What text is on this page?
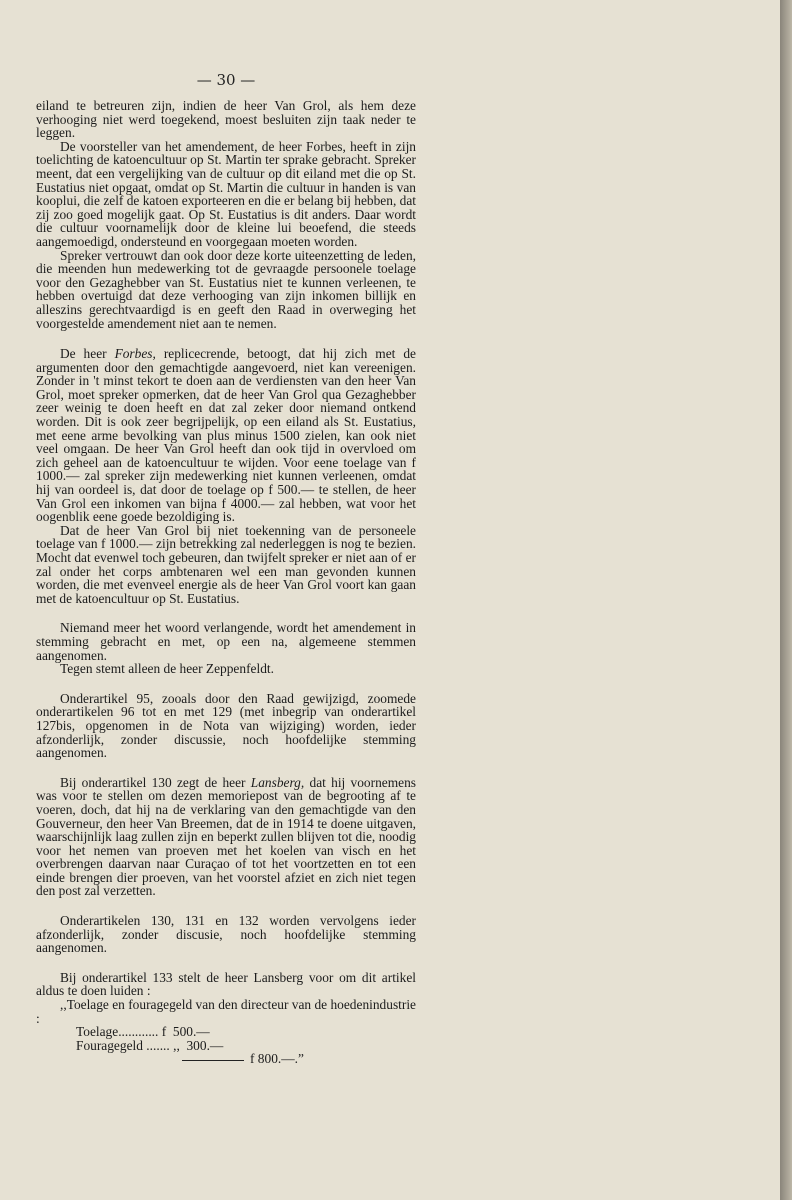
— 30 —

eiland te betreuren zijn, indien de heer Van Grol, als hem deze verhooging niet werd toegekend, moest besluiten zijn taak neder te leggen.

De voorsteller van het amendement, de heer Forbes, heeft in zijn toelichting de katoencultuur op St. Martin ter sprake gebracht. Spreker meent, dat een vergelijking van de cultuur op dit eiland met die op St. Eustatius niet opgaat, omdat op St. Martin die cultuur in handen is van kooplui, die zelf de katoen exporteeren en die er belang bij hebben, dat zij zoo goed mogelijk gaat. Op St. Eustatius is dit anders. Daar wordt die cultuur voornamelijk door de kleine lui beoefend, die steeds aangemoedigd, ondersteund en voorgegaan moeten worden.

Spreker vertrouwt dan ook door deze korte uiteenzetting de leden, die meenden hun medewerking tot de gevraagde persoonele toelage voor den Gezaghebber van St. Eustatius niet te kunnen verleenen, te hebben overtuigd dat deze verhooging van zijn inkomen billijk en alleszins gerechtvaardigd is en geeft den Raad in overweging het voorgestelde amendement niet aan te nemen.

De heer Forbes, replicecrende, betoogt, dat hij zich met de argumenten door den gemachtigde aangevoerd, niet kan vereenigen. Zonder in 't minst tekort te doen aan de verdiensten van den heer Van Grol, moet spreker opmerken, dat de heer Van Grol qua Gezaghebber zeer weinig te doen heeft en dat zal zeker door niemand ontkend worden. Dit is ook zeer begrijpelijk, op een eiland als St. Eustatius, met eene arme bevolking van plus minus 1500 zielen, kan ook niet veel omgaan. De heer Van Grol heeft dan ook tijd in overvloed om zich geheel aan de katoencultuur te wijden. Voor eene toelage van f 1000.— zal spreker zijn medewerking niet kunnen verleenen, omdat hij van oordeel is, dat door de toelage op f 500.— te stellen, de heer Van Grol een inkomen van bijna f 4000.— zal hebben, wat voor het oogenblik eene goede bezoldiging is.

Dat de heer Van Grol bij niet toekenning van de personeele toelage van f 1000.— zijn betrekking zal nederleggen is nog te bezien. Mocht dat evenwel toch gebeuren, dan twijfelt spreker er niet aan of er zal onder het corps ambtenaren wel een man gevonden kunnen worden, die met evenveel energie als de heer Van Grol voort kan gaan met de katoencultuur op St. Eustatius.

Niemand meer het woord verlangende, wordt het amendement in stemming gebracht en met, op een na, algemeene stemmen aangenomen.

Tegen stemt alleen de heer Zeppenfeldt.

Onderartikel 95, zooals door den Raad gewijzigd, zoomede onderartikelen 96 tot en met 129 (met inbegrip van onderartikel 127bis, opgenomen in de Nota van wijziging) worden, ieder afzonderlijk, zonder discussie, noch hoofdelijke stemming aangenomen.

Bij onderartikel 130 zegt de heer Lansberg, dat hij voornemens was voor te stellen om dezen memoriepost van de begrooting af te voeren, doch, dat hij na de verklaring van den gemachtigde van den Gouverneur, den heer Van Breemen, dat de in 1914 te doene uitgaven, waarschijnlijk laag zullen zijn en beperkt zullen blijven tot die, noodig voor het nemen van proeven met het koelen van visch en het overbrengen daarvan naar Curaçao of tot het voortzetten en tot een einde brengen dier proeven, van het voorstel afziet en zich niet tegen den post zal verzetten.

Onderartikelen 130, 131 en 132 worden vervolgens ieder afzonderlijk, zonder discusie, noch hoofdelijke stemming aangenomen.

Bij onderartikel 133 stelt de heer Lansberg voor om dit artikel aldus te doen luiden :

,,Toelage en fouragegeld van den directeur van de hoedenindustrie :

Toelage............ f  500.—

Fouragegeld ....... ,,  300.—

f 800.—.”
